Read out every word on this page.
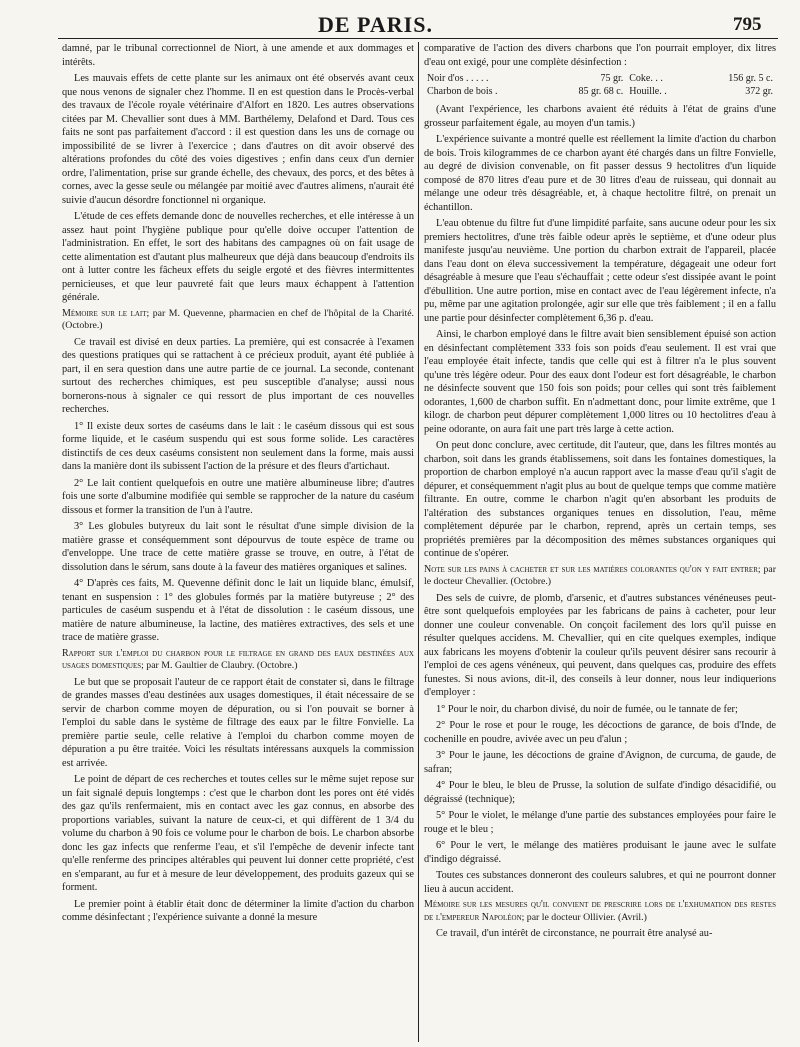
DE PARIS.	795

damné, par le tribunal correctionnel de Niort, à une amende et aux dommages et intérêts.

Les mauvais effets de cette plante sur les animaux ont été observés avant ceux que nous venons de signaler chez l'homme. Il en est question dans le Procès-verbal des travaux de l'école royale vétérinaire d'Alfort en 1820. Les autres observations citées par M. Chevallier sont dues à MM. Barthélemy, Delafond et Dard. Tous ces faits ne sont pas parfaitement d'accord : il est question dans les uns de cornage ou impossibilité de se livrer à l'exercice ; dans d'autres on dit avoir observé des altérations profondes du côté des voies digestives ; enfin dans ceux d'un dernier ordre, l'alimentation, prise sur grande échelle, des chevaux, des porcs, et des bêtes à cornes, avec la gesse seule ou mélangée par moitié avec d'autres alimens, n'aurait été suivie d'aucun désordre fonctionnel ni organique.

L'étude de ces effets demande donc de nouvelles recherches, et elle intéresse à un assez haut point l'hygiène publique pour qu'elle doive occuper l'attention de l'administration. En effet, le sort des habitans des campagnes où on fait usage de cette alimentation est d'autant plus malheureux que déjà dans beaucoup d'endroits ils ont à lutter contre les fâcheux effets du seigle ergoté et des fièvres intermittentes pernicieuses, et que leur pauvreté fait que leurs maux échappent à l'attention générale.

Mémoire sur le lait; par M. Quevenne, pharmacien en chef de l'hôpital de la Charité. (Octobre.)

Ce travail est divisé en deux parties. La première, qui est consacrée à l'examen des questions pratiques qui se rattachent à ce précieux produit, ayant été publiée à part, il en sera question dans une autre partie de ce journal. La seconde, contenant surtout des recherches chimiques, est peu susceptible d'analyse; aussi nous bornerons-nous à signaler ce qui ressort de plus important de ces nouvelles recherches.

1° Il existe deux sortes de caséums dans le lait : le caséum dissous qui est sous forme liquide, et le caséum suspendu qui est sous forme solide. Les caractères distinctifs de ces deux caséums consistent non seulement dans la forme, mais aussi dans la manière dont ils subissent l'action de la présure et des fleurs d'artichaut.

2° Le lait contient quelquefois en outre une matière albumineuse libre; d'autres fois une sorte d'albumine modifiée qui semble se rapprocher de la nature du caséum dissous et former la transition de l'un à l'autre.

3° Les globules butyreux du lait sont le résultat d'une simple division de la matière grasse et conséquemment sont dépourvus de toute espèce de trame ou d'enveloppe. Une trace de cette matière grasse se trouve, en outre, à l'état de dissolution dans le sérum, sans doute à la faveur des matières organiques et salines.

4° D'après ces faits, M. Quevenne définit donc le lait un liquide blanc, émulsif, tenant en suspension : 1° des globules formés par la matière butyreuse ; 2° des particules de caséum suspendu et à l'état de dissolution : le caséum dissous, une matière de nature albumineuse, la lactine, des matières extractives, des sels et une trace de matière grasse.

Rapport sur l'emploi du charbon pour le filtrage en grand des eaux destinées aux usages domestiques; par M. Gaultier de Claubry. (Octobre.)

Le but que se proposait l'auteur de ce rapport était de constater si, dans le filtrage de grandes masses d'eau destinées aux usages domestiques, il était nécessaire de se servir de charbon comme moyen de dépuration, ou si l'on pouvait se borner à l'emploi du sable dans le système de filtrage des eaux par le filtre Fonvielle. La première partie seule, celle relative à l'emploi du charbon comme moyen de dépuration a pu être traitée. Voici les résultats intéressans auxquels la commission est arrivée.

Le point de départ de ces recherches et toutes celles sur le même sujet repose sur un fait signalé depuis longtemps : c'est que le charbon dont les pores ont été vidés des gaz qu'ils renfermaient, mis en contact avec les gaz connus, en absorbe des proportions variables, suivant la nature de ceux-ci, et qui diffèrent de 1 3/4 du volume du charbon à 90 fois ce volume pour le charbon de bois. Le charbon absorbe donc les gaz infects que renferme l'eau, et s'il l'empêche de devenir infecte tant qu'elle renferme des principes altérables qui peuvent lui donner cette propriété, c'est en s'emparant, au fur et à mesure de leur développement, des produits gazeux qui se forment.

Le premier point à établir était donc de déterminer la limite d'action du charbon comme désinfectant ; l'expérience suivante a donné la mesure

comparative de l'action des divers charbons que l'on pourrait employer, dix litres d'eau ont exigé, pour une complète désinfection :

Noir d'os . . . . .	75 gr.	Coke. . .	156 gr. 5 c.
Charbon de bois .	85 gr. 68 c.	Houille. .	372 gr.

(Avant l'expérience, les charbons avaient été réduits à l'état de grains d'une grosseur parfaitement égale, au moyen d'un tamis.)

L'expérience suivante a montré quelle est réellement la limite d'action du charbon de bois. Trois kilogrammes de ce charbon ayant été chargés dans un filtre Fonvielle, au degré de division convenable, on fit passer dessus 9 hectolitres d'un liquide composé de 870 litres d'eau pure et de 30 litres d'eau de ruisseau, qui donnait au mélange une odeur très désagréable, et, à chaque hectolitre filtré, on prenait un échantillon.

L'eau obtenue du filtre fut d'une limpidité parfaite, sans aucune odeur pour les six premiers hectolitres, d'une très faible odeur après le septième, et d'une odeur plus manifeste jusqu'au neuvième. Une portion du charbon extrait de l'appareil, placée dans l'eau dont on éleva successivement la température, dégageait une odeur fort désagréable à mesure que l'eau s'échauffait ; cette odeur s'est dissipée avant le point d'ébullition. Une autre portion, mise en contact avec de l'eau légèrement infecte, n'a pu, même par une agitation prolongée, agir sur elle que très faiblement ; il en a fallu une partie pour désinfecter complètement 6,36 p. d'eau.

Ainsi, le charbon employé dans le filtre avait bien sensiblement épuisé son action en désinfectant complètement 333 fois son poids d'eau seulement. Il est vrai que l'eau employée était infecte, tandis que celle qui est à filtrer n'a le plus souvent qu'une très légère odeur. Pour des eaux dont l'odeur est fort désagréable, le charbon ne désinfecte souvent que 150 fois son poids; pour celles qui sont très faiblement odorantes, 1,600 de charbon suffit. En n'admettant donc, pour limite extrême, que 1 kilogr. de charbon peut dépurer complètement 1,000 litres ou 10 hectolitres d'eau à peine odorante, on aura fait une part très large à cette action.

On peut donc conclure, avec certitude, dit l'auteur, que, dans les filtres montés au charbon, soit dans les grands établissemens, soit dans les fontaines domestiques, la proportion de charbon employé n'a aucun rapport avec la masse d'eau qu'il s'agit de dépurer, et conséquemment n'agit plus au bout de quelque temps que comme matière filtrante. En outre, comme le charbon n'agit qu'en absorbant les produits de l'altération des substances organiques tenues en dissolution, l'eau, même complètement dépurée par le charbon, reprend, après un certain temps, ses propriétés premières par la décomposition des mêmes substances organiques qui continue de s'opérer.

Note sur les pains à cacheter et sur les matières colorantes qu'on y fait entrer; par le docteur Chevallier. (Octobre.)

Des sels de cuivre, de plomb, d'arsenic, et d'autres substances vénéneuses peut-être sont quelquefois employées par les fabricans de pains à cacheter, pour leur donner une couleur convenable. On conçoit facilement des lors qu'il puisse en résulter quelques accidens. M. Chevallier, qui en cite quelques exemples, indique aux fabricans les moyens d'obtenir la couleur qu'ils peuvent désirer sans recourir à l'emploi de ces agens vénéneux, qui peuvent, dans quelques cas, produire des effets funestes. Si nous avions, dit-il, des conseils à leur donner, nous leur indiquerions d'employer :

1° Pour le noir, du charbon divisé, du noir de fumée, ou le tannate de fer;

2° Pour le rose et pour le rouge, les décoctions de garance, de bois d'Inde, de cochenille en poudre, avivée avec un peu d'alun ;

3° Pour le jaune, les décoctions de graine d'Avignon, de curcuma, de gaude, de safran;

4° Pour le bleu, le bleu de Prusse, la solution de sulfate d'indigo désacidifié, ou dégraissé (technique);

5° Pour le violet, le mélange d'une partie des substances employées pour faire le rouge et le bleu ;

6° Pour le vert, le mélange des matières produisant le jaune avec le sulfate d'indigo dégraissé.

Toutes ces substances donneront des couleurs salubres, et qui ne pourront donner lieu à aucun accident.

Mémoire sur les mesures qu'il convient de prescrire lors de l'exhumation des restes de l'empereur Napoléon; par le docteur Ollivier. (Avril.)

Ce travail, d'un intérêt de circonstance, ne pourrait être analysé au-
